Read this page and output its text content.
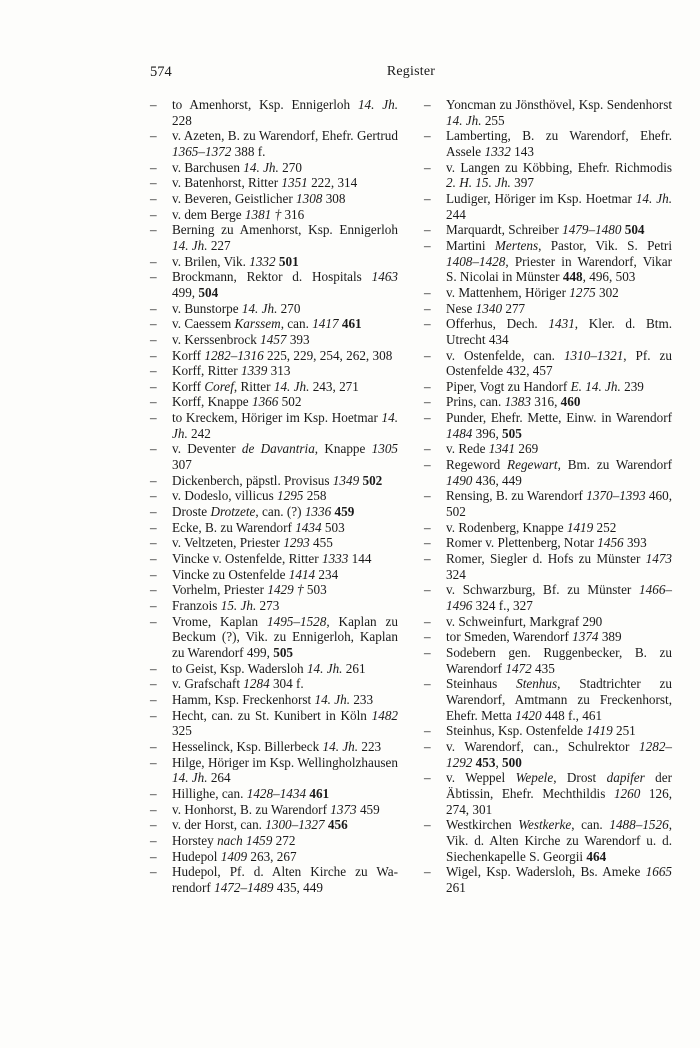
574	Register
– to Amenhorst, Ksp. Ennigerloh 14. Jh. 228
– v. Azeten, B. zu Warendorf, Ehefr. Gertrud 1365–1372 388 f.
– v. Barchusen 14. Jh. 270
– v. Batenhorst, Ritter 1351 222, 314
– v. Beveren, Geistlicher 1308 308
– v. dem Berge 1381 † 316
– Berning zu Amenhorst, Ksp. Ennigerloh 14. Jh. 227
– v. Brilen, Vik. 1332 501
– Brockmann, Rektor d. Hospitals 1463 499, 504
– v. Bunstorpe 14. Jh. 270
– v. Caessem Karssem, can. 1417 461
– v. Kerssenbrock 1457 393
– Korff 1282–1316 225, 229, 254, 262, 308
– Korff, Ritter 1339 313
– Korff Coref, Ritter 14. Jh. 243, 271
– Korff, Knappe 1366 502
– to Kreckem, Höriger im Ksp. Hoetmar 14. Jh. 242
– v. Deventer de Davantria, Knappe 1305 307
– Dickenberch, päpstl. Provisus 1349 502
– v. Dodeslo, villicus 1295 258
– Droste Drotzete, can. (?) 1336 459
– Ecke, B. zu Warendorf 1434 503
– v. Veltzeten, Priester 1293 455
– Vincke v. Ostenfelde, Ritter 1333 144
– Vincke zu Ostenfelde 1414 234
– Vorhelm, Priester 1429 † 503
– Franzois 15. Jh. 273
– Vrome, Kaplan 1495–1528, Kaplan zu Beckum (?), Vik. zu Ennigerloh, Kaplan zu Warendorf 499, 505
– to Geist, Ksp. Wadersloh 14. Jh. 261
– v. Grafschaft 1284 304 f.
– Hamm, Ksp. Freckenhorst 14. Jh. 233
– Hecht, can. zu St. Kunibert in Köln 1482 325
– Hesselinck, Ksp. Billerbeck 14. Jh. 223
– Hilge, Höriger im Ksp. Wellingholzhausen 14. Jh. 264
– Hillighe, can. 1428–1434 461
– v. Honhorst, B. zu Warendorf 1373 459
– v. der Horst, can. 1300–1327 456
– Horstey nach 1459 272
– Hudepol 1409 263, 267
– Hudepol, Pf. d. Alten Kirche zu Warendorf 1472–1489 435, 449
– Yoncman zu Jönsthövel, Ksp. Sendenhorst 14. Jh. 255
– Lamberting, B. zu Warendorf, Ehefr. Assele 1332 143
– v. Langen zu Köbbing, Ehefr. Richmodis 2. H. 15. Jh. 397
– Ludiger, Höriger im Ksp. Hoetmar 14. Jh. 244
– Marquardt, Schreiber 1479–1480 504
– Martini Mertens, Pastor, Vik. S. Petri 1408–1428, Priester in Warendorf, Vikar S. Nicolai in Münster 448, 496, 503
– v. Mattenhem, Höriger 1275 302
– Nese 1340 277
– Offerhus, Dech. 1431, Kler. d. Btm. Utrecht 434
– v. Ostenfelde, can. 1310–1321, Pf. zu Ostenfelde 432, 457
– Piper, Vogt zu Handorf E. 14. Jh. 239
– Prins, can. 1383 316, 460
– Punder, Ehefr. Mette, Einw. in Warendorf 1484 396, 505
– v. Rede 1341 269
– Regeword Regewart, Bm. zu Warendorf 1490 436, 449
– Rensing, B. zu Warendorf 1370–1393 460, 502
– v. Rodenberg, Knappe 1419 252
– Romer v. Plettenberg, Notar 1456 393
– Romer, Siegler d. Hofs zu Münster 1473 324
– v. Schwarzburg, Bf. zu Münster 1466–1496 324 f., 327
– v. Schweinfurt, Markgraf 290
– tor Smeden, Warendorf 1374 389
– Sodebern gen. Ruggenbecker, B. zu Warendorf 1472 435
– Steinhaus Stenhus, Stadtrichter zu Warendorf, Amtmann zu Freckenhorst, Ehefr. Metta 1420 448 f., 461
– Steinhus, Ksp. Ostenfelde 1419 251
– v. Warendorf, can., Schulrektor 1282–1292 453, 500
– v. Weppel Wepele, Drost dapifer der Äbtissin, Ehefr. Mechthildis 1260 126, 274, 301
– Westkirchen Westkerke, can. 1488–1526, Vik. d. Alten Kirche zu Warendorf u. d. Siechenkapelle S. Georgii 464
– Wigel, Ksp. Wadersloh, Bs. Ameke 1665 261
